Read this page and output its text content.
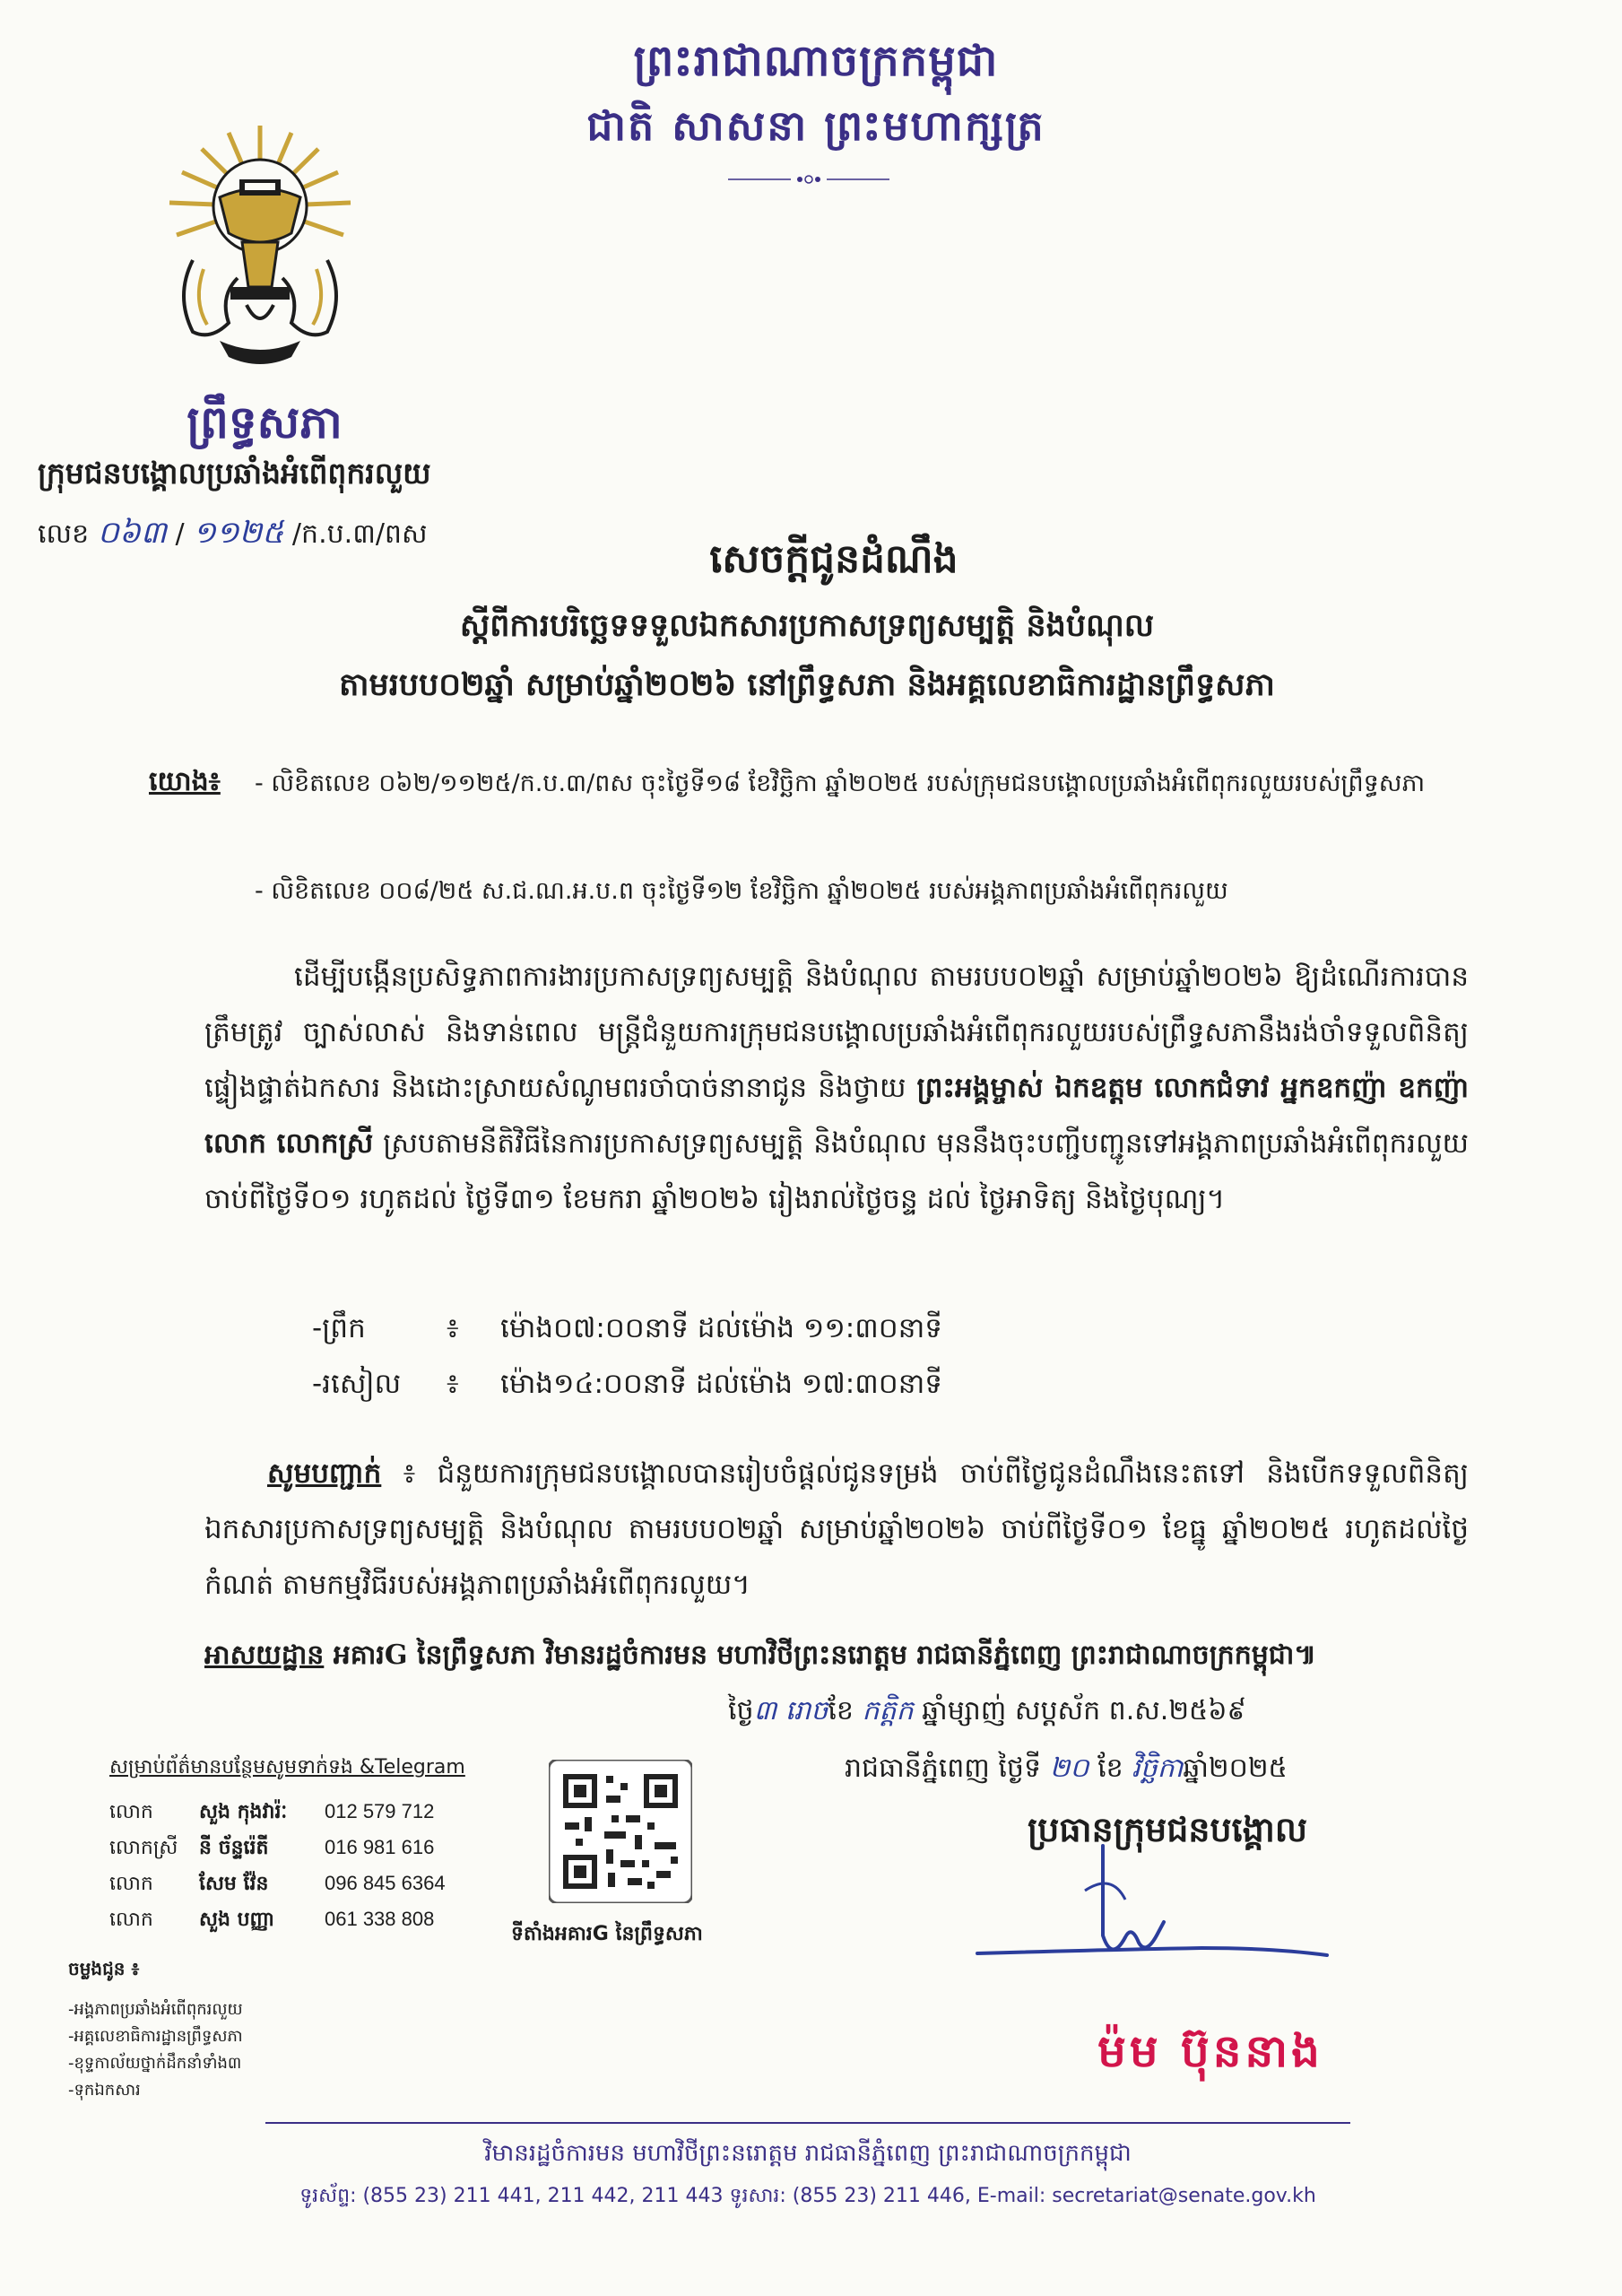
ព្រះរាជាណាចក្រកម្ពុជា
ជាតិ សាសនា ព្រះមហាក្សត្រ
ព្រឹទ្ធសភា
ក្រុមជនបង្គោលប្រឆាំងអំពើពុករលួយ
លេខ ០៦៣ / ១១២៥ /ក.ប.៣/ពស
សេចក្តីជូនដំណឹង
ស្តីពីការបរិច្ឆេទទទួលឯកសារប្រកាសទ្រព្យសម្បត្តិ និងបំណុល
តាមរបប០២ឆ្នាំ សម្រាប់ឆ្នាំ២០២៦ នៅព្រឹទ្ធសភា និងអគ្គលេខាធិការដ្ឋានព្រឹទ្ធសភា
យោង៖ - លិខិតលេខ ០៦២/១១២៥/ក.ប.៣/ពស ចុះថ្ងៃទី១៨ ខែវិច្ឆិកា ឆ្នាំ២០២៥ របស់ក្រុមជនបង្គោលប្រឆាំងអំពើពុករលួយរបស់ព្រឹទ្ធសភា
- លិខិតលេខ ០០៨/២៥ ស.ជ.ណ.អ.ប.ព ចុះថ្ងៃទី១២ ខែវិច្ឆិកា ឆ្នាំ២០២៥ របស់អង្គភាពប្រឆាំងអំពើពុករលួយ
ដើម្បីបង្កើនប្រសិទ្ធភាពការងារប្រកាសទ្រព្យសម្បត្តិ និងបំណុល តាមរបប០២ឆ្នាំ សម្រាប់ឆ្នាំ២០២៦ ឱ្យដំណើរការបានត្រឹមត្រូវ ច្បាស់លាស់ និងទាន់ពេល មន្ត្រីជំនួយការក្រុមជនបង្គោលប្រឆាំងអំពើពុករលួយរបស់ព្រឹទ្ធសភានឹងរង់ចាំទទួលពិនិត្យ ផ្ទៀងផ្ទាត់ឯកសារ និងដោះស្រាយសំណូមពរចាំបាច់នានាជូន និងថ្វាយ ព្រះអង្គម្ចាស់ ឯកឧត្តម លោកជំទាវ អ្នកឧកញ៉ា ឧកញ៉ា លោក លោកស្រី ស្របតាមនីតិវិធីនៃការប្រកាសទ្រព្យសម្បត្តិ និងបំណុល មុននឹងចុះបញ្ជីបញ្ជូនទៅអង្គភាពប្រឆាំងអំពើពុករលួយ ចាប់ពីថ្ងៃទី០១ រហូតដល់ ថ្ងៃទី៣១ ខែមករា ឆ្នាំ២០២៦ រៀងរាល់ថ្ងៃចន្ទ ដល់ ថ្ងៃអាទិត្យ និងថ្ងៃបុណ្យ។
-ព្រឹក	៖ ម៉ោង០៧:០០នាទី ដល់ម៉ោង ១១:៣០នាទី
-រសៀល ៖ ម៉ោង១៤:០០នាទី ដល់ម៉ោង ១៧:៣០នាទី
សូមបញ្ជាក់ ៖ ជំនួយការក្រុមជនបង្គោលបានរៀបចំផ្តល់ជូនទម្រង់ ចាប់ពីថ្ងៃជូនដំណឹងនេះតទៅ និងបើកទទួលពិនិត្យឯកសារប្រកាសទ្រព្យសម្បត្តិ និងបំណុល តាមរបប០២ឆ្នាំ សម្រាប់ឆ្នាំ២០២៦ ចាប់ពីថ្ងៃទី០១ ខែធ្នូ ឆ្នាំ២០២៥ រហូតដល់ថ្ងៃកំណត់ តាមកម្មវិធីរបស់អង្គភាពប្រឆាំងអំពើពុករលួយ។
អាសយដ្ឋាន អគារG នៃព្រឹទ្ធសភា វិមានរដ្ឋចំការមន មហាវិថីព្រះនរោត្តម រាជធានីភ្នំពេញ ព្រះរាជាណាចក្រកម្ពុជា៕
ថ្ងៃ៣ រោចខែ កត្តិក ឆ្នាំម្សាញ់ សប្តស័ក ព.ស.២៥៦៩
រាជធានីភ្នំពេញ ថ្ងៃទី ២០ ខែ វិច្ឆិកាឆ្នាំ២០២៥
ប្រធានក្រុមជនបង្គោល
ម៉ម ប៊ុននាង
សម្រាប់ព័ត៌មានបន្ថែមសូមទាក់ទង &Telegram
លោក សួង កុងវារ៉ៈ 012 579 712
លោកស្រី នី ច័ន្ទរ៉េតី	016 981 616
លោក សែម វ៉ែន	096 845 6364
លោក សួង បញ្ញា	061 338 808
ទីតាំងអគារG នៃព្រឹទ្ធសភា
ចម្លងជូន ៖
-អង្គភាពប្រឆាំងអំពើពុករលួយ
-អគ្គលេខាធិការដ្ឋានព្រឹទ្ធសភា
-ខុទ្ទកាល័យថ្នាក់ដឹកនាំទាំង៣
-ទុកឯកសារ
វិមានរដ្ឋចំការមន មហាវិថីព្រះនរោត្តម រាជធានីភ្នំពេញ ព្រះរាជាណាចក្រកម្ពុជា
ទូរស័ព្ទ: (855 23) 211 441, 211 442, 211 443 ទូរសារ: (855 23) 211 446, E-mail: secretariat@senate.gov.kh
